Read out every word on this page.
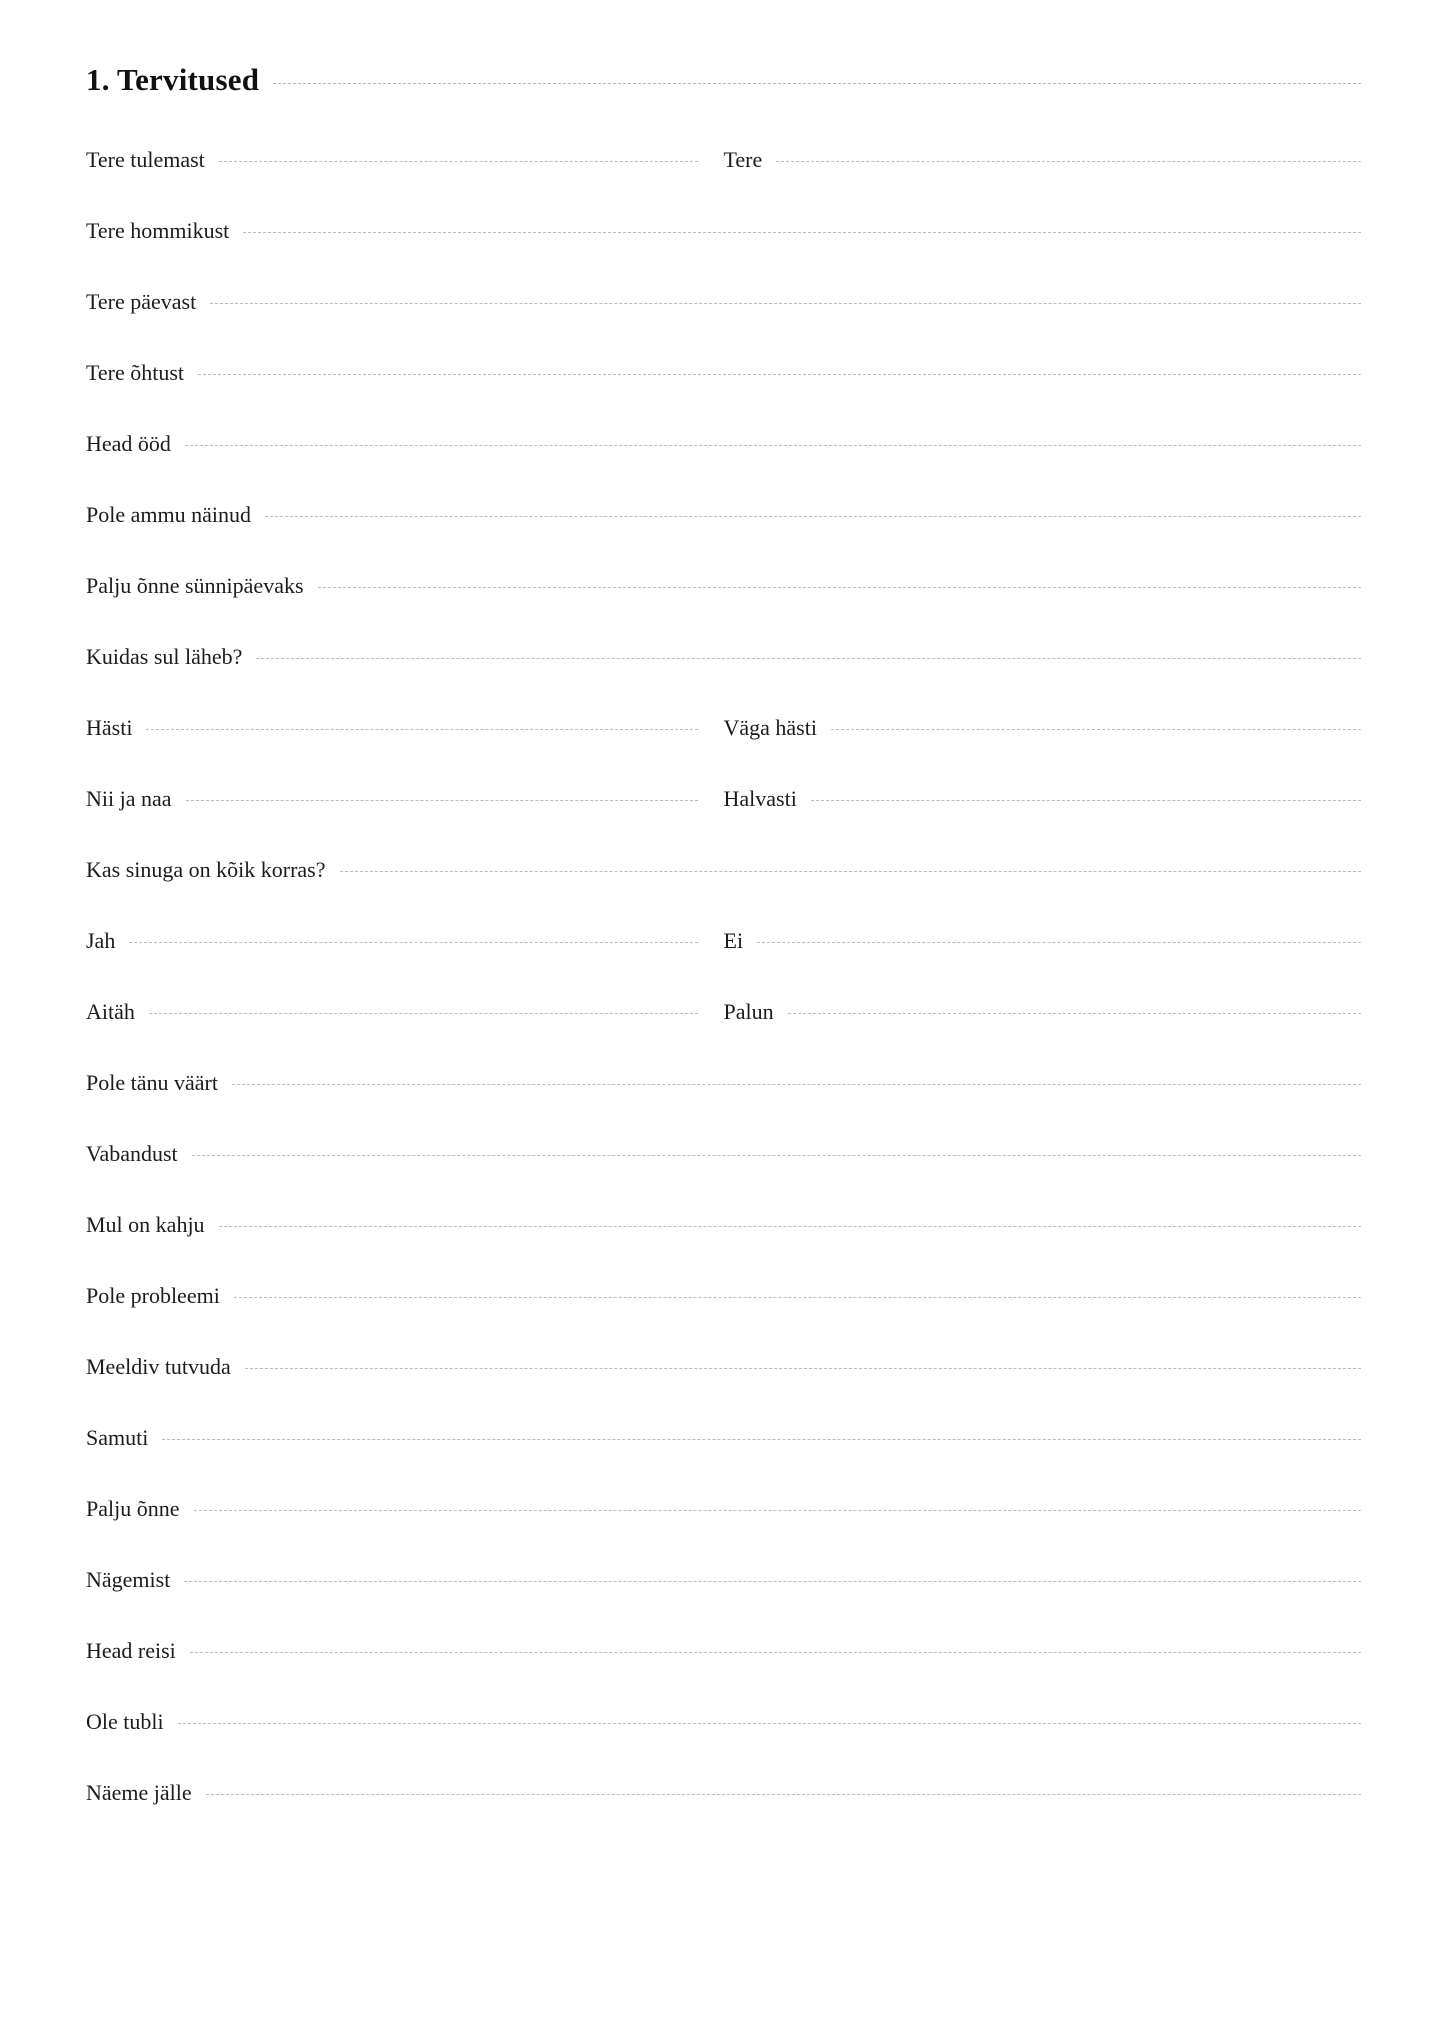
1. Tervitused
Tere tulemast	Tere
Tere hommikust
Tere päevast
Tere õhtust
Head ööd
Pole ammu näinud
Palju õnne sünnipäevaks
Kuidas sul läheb?
Hästi	Väga hästi
Nii ja naa	Halvasti
Kas sinuga on kõik korras?
Jah	Ei
Aitäh	Palun
Pole tänu väärt
Vabandust
Mul on kahju
Pole probleemi
Meeldiv tutvuda
Samuti
Palju õnne
Nägemist
Head reisi
Ole tubli
Näeme jälle
